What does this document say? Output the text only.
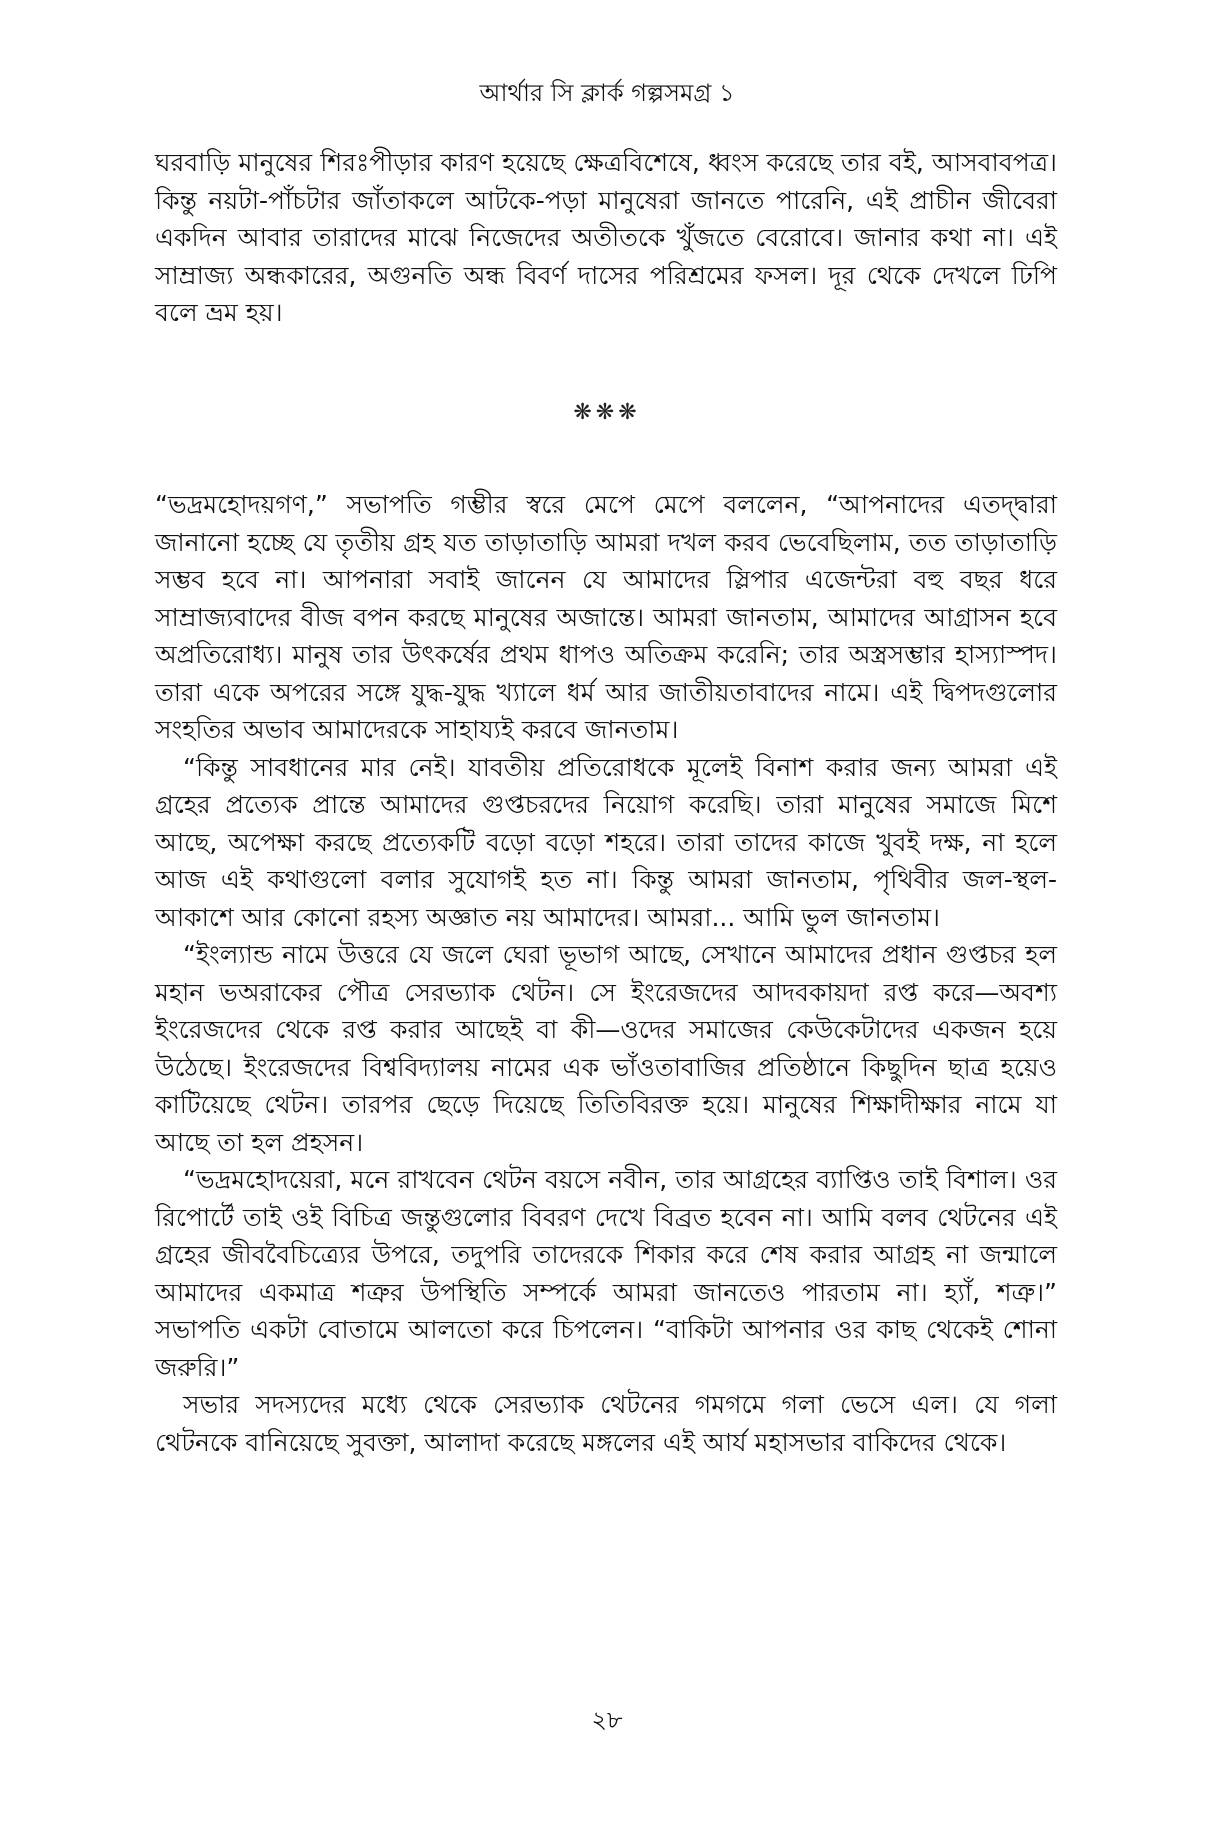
আর্থার সি ক্লার্ক গল্পসমগ্র ১

ঘরবাড়ি মানুষের শিরঃপীড়ার কারণ হয়েছে ক্ষেত্রবিশেষে, ধ্বংস করেছে তার বই, আসবাবপত্র। কিন্তু নয়টা-পাঁচটার জাঁতাকলে আটকে-পড়া মানুষেরা জানতে পারেনি, এই প্রাচীন জীবেরা একদিন আবার তারাদের মাঝে নিজেদের অতীতকে খুঁজতে বেরোবে। জানার কথা না। এই সাম্রাজ্য অন্ধকারের, অগুনতি অন্ধ বিবর্ণ দাসের পরিশ্রমের ফসল। দূর থেকে দেখলে ঢিপি বলে ভ্রম হয়।

❋❋❋

“ভদ্রমহোদয়গণ,” সভাপতি গম্ভীর স্বরে মেপে মেপে বললেন, “আপনাদের এতদ্দ্বারা জানানো হচ্ছে যে তৃতীয় গ্রহ যত তাড়াতাড়ি আমরা দখল করব ভেবেছিলাম, তত তাড়াতাড়ি সম্ভব হবে না। আপনারা সবাই জানেন যে আমাদের স্লিপার এজেন্টরা বহু বছর ধরে সাম্রাজ্যবাদের বীজ বপন করছে মানুষের অজান্তে। আমরা জানতাম, আমাদের আগ্রাসন হবে অপ্রতিরোধ্য। মানুষ তার উৎকর্ষের প্রথম ধাপও অতিক্রম করেনি; তার অস্ত্রসম্ভার হাস্যাস্পদ। তারা একে অপরের সঙ্গে যুদ্ধ-যুদ্ধ খ্যালে ধর্ম আর জাতীয়তাবাদের নামে। এই দ্বিপদগুলোর সংহতির অভাব আমাদেরকে সাহায্যই করবে জানতাম।

“কিন্তু সাবধানের মার নেই। যাবতীয় প্রতিরোধকে মূলেই বিনাশ করার জন্য আমরা এই গ্রহের প্রত্যেক প্রান্তে আমাদের গুপ্তচরদের নিয়োগ করেছি। তারা মানুষের সমাজে মিশে আছে, অপেক্ষা করছে প্রত্যেকটি বড়ো বড়ো শহরে। তারা তাদের কাজে খুবই দক্ষ, না হলে আজ এই কথাগুলো বলার সুযোগই হত না। কিন্তু আমরা জানতাম, পৃথিবীর জল-স্থল-আকাশে আর কোনো রহস্য অজ্ঞাত নয় আমাদের। আমরা... আমি ভুল জানতাম।

“ইংল্যান্ড নামে উত্তরে যে জলে ঘেরা ভূভাগ আছে, সেখানে আমাদের প্রধান গুপ্তচর হল মহান ভঅরাকের পৌত্র সেরভ্যাক থেটন। সে ইংরেজদের আদবকায়দা রপ্ত করে—অবশ্য ইংরেজদের থেকে রপ্ত করার আছেই বা কী—ওদের সমাজের কেউকেটাদের একজন হয়ে উঠেছে। ইংরেজদের বিশ্ববিদ্যালয় নামের এক ভাঁওতাবাজির প্রতিষ্ঠানে কিছুদিন ছাত্র হয়েও কাটিয়েছে থেটন। তারপর ছেড়ে দিয়েছে তিতিবিরক্ত হয়ে। মানুষের শিক্ষাদীক্ষার নামে যা আছে তা হল প্রহসন।

“ভদ্রমহোদয়েরা, মনে রাখবেন থেটন বয়সে নবীন, তার আগ্রহের ব্যাপ্তিও তাই বিশাল। ওর রিপোর্টে তাই ওই বিচিত্র জন্তুগুলোর বিবরণ দেখে বিব্রত হবেন না। আমি বলব থেটনের এই গ্রহের জীববৈচিত্র্যের উপরে, তদুপরি তাদেরকে শিকার করে শেষ করার আগ্রহ না জন্মালে আমাদের একমাত্র শত্রুর উপস্থিতি সম্পর্কে আমরা জানতেও পারতাম না। হ্যাঁ, শত্রু।” সভাপতি একটা বোতামে আলতো করে চিপলেন। “বাকিটা আপনার ওর কাছ থেকেই শোনা জরুরি।”

সভার সদস্যদের মধ্যে থেকে সেরভ্যাক থেটনের গমগমে গলা ভেসে এল। যে গলা থেটনকে বানিয়েছে সুবক্তা, আলাদা করেছে মঙ্গলের এই আর্য মহাসভার বাকিদের থেকে।

২৮
